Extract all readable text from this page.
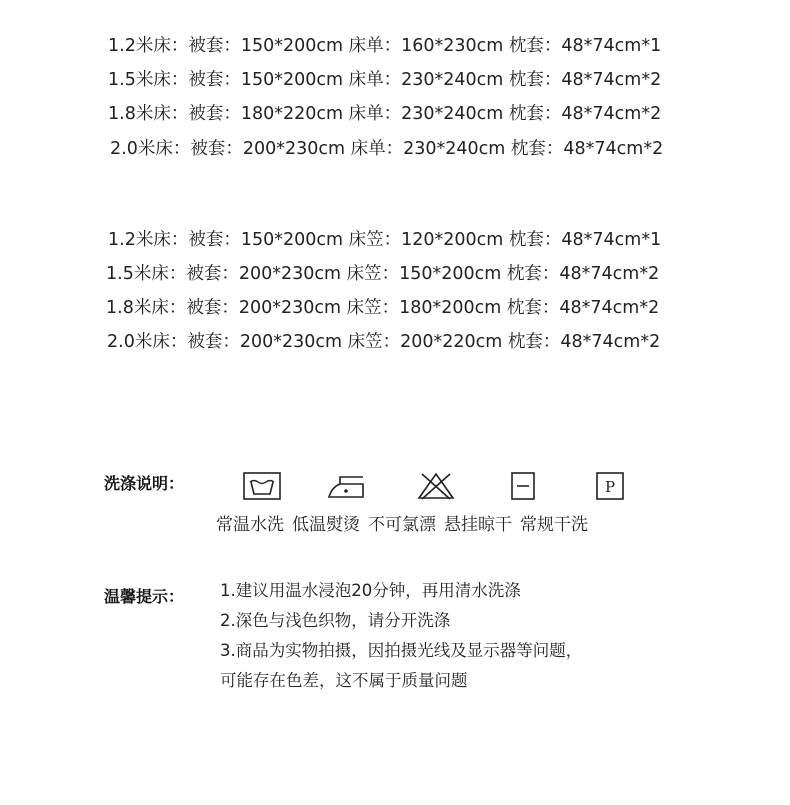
1.2米床：被套：150*200cm 床单：160*230cm 枕套：48*74cm*1
1.5米床：被套：150*200cm 床单：230*240cm 枕套：48*74cm*2
1.8米床：被套：180*220cm 床单：230*240cm 枕套：48*74cm*2
2.0米床：被套：200*230cm 床单：230*240cm 枕套：48*74cm*2
1.2米床：被套：150*200cm 床笠：120*200cm 枕套：48*74cm*1
1.5米床：被套：200*230cm 床笠：150*200cm 枕套：48*74cm*2
1.8米床：被套：200*230cm 床笠：180*200cm 枕套：48*74cm*2
2.0米床：被套：200*230cm 床笠：200*220cm 枕套：48*74cm*2
洗涤说明：	P
常温水洗 低温熨烫 不可氯漂 悬挂晾干 常规干洗
温馨提示： 1.建议用温水浸泡20分钟，再用清水洗涤
2.深色与浅色织物，请分开洗涤
3.商品为实物拍摄，因拍摄光线及显示器等问题，
可能存在色差，这不属于质量问题
